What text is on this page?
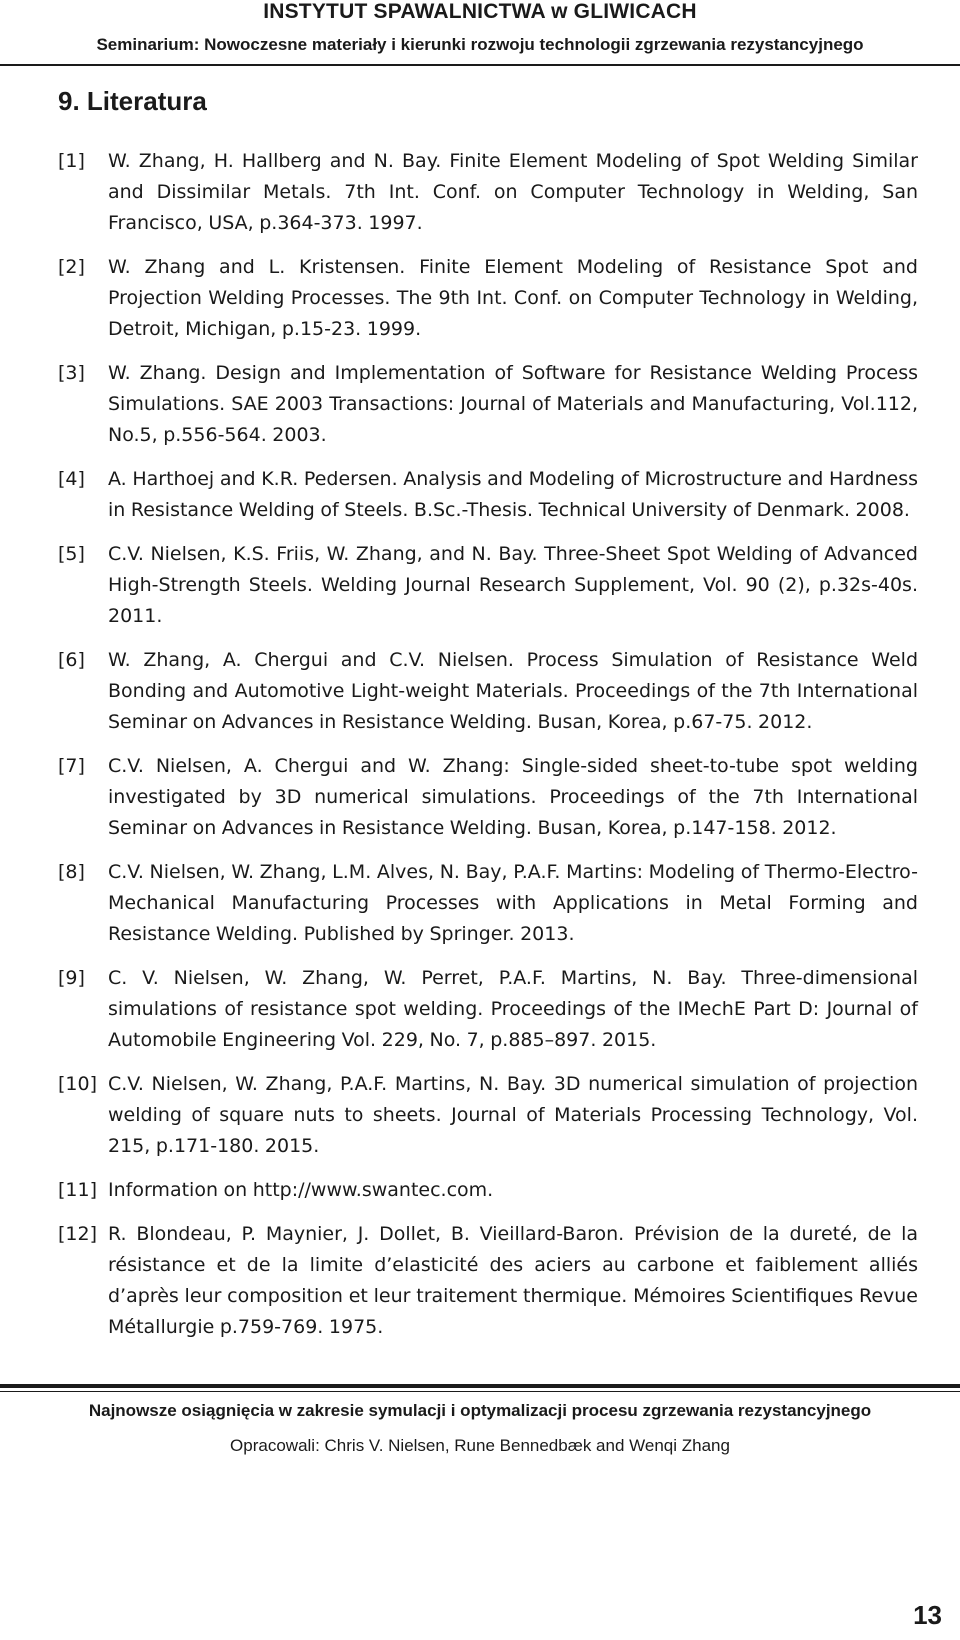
INSTYTUT SPAWALNICTWA w GLIWICACH
Seminarium: Nowoczesne materiały i kierunki rozwoju technologii zgrzewania rezystancyjnego
9. Literatura
[1]	W. Zhang, H. Hallberg and N. Bay. Finite Element Modeling of Spot Welding Similar and Dissimilar Metals. 7th Int. Conf. on Computer Technology in Welding, San Francisco, USA, p.364-373. 1997.
[2]	W. Zhang and L. Kristensen. Finite Element Modeling of Resistance Spot and Projection Welding Processes. The 9th Int. Conf. on Computer Technology in Welding, Detroit, Michigan, p.15-23. 1999.
[3]	W. Zhang. Design and Implementation of Software for Resistance Welding Process Simulations. SAE 2003 Transactions: Journal of Materials and Manufacturing, Vol.112, No.5, p.556-564. 2003.
[4]	A. Harthoej and K.R. Pedersen. Analysis and Modeling of Microstructure and Hardness in Resistance Welding of Steels. B.Sc.-Thesis. Technical University of Denmark. 2008.
[5]	C.V. Nielsen, K.S. Friis, W. Zhang, and N. Bay. Three-Sheet Spot Welding of Advanced High-Strength Steels. Welding Journal Research Supplement, Vol. 90 (2), p.32s-40s. 2011.
[6]	W. Zhang, A. Chergui and C.V. Nielsen. Process Simulation of Resistance Weld Bonding and Automotive Light-weight Materials. Proceedings of the 7th International Seminar on Advances in Resistance Welding. Busan, Korea, p.67-75. 2012.
[7]	C.V. Nielsen, A. Chergui and W. Zhang: Single-sided sheet-to-tube spot welding investigated by 3D numerical simulations. Proceedings of the 7th International Seminar on Advances in Resistance Welding. Busan, Korea, p.147-158. 2012.
[8]	C.V. Nielsen, W. Zhang, L.M. Alves, N. Bay, P.A.F. Martins: Modeling of Thermo-Electro-Mechanical Manufacturing Processes with Applications in Metal Forming and Resistance Welding. Published by Springer. 2013.
[9]	C. V. Nielsen, W. Zhang, W. Perret, P.A.F. Martins, N. Bay. Three-dimensional simulations of resistance spot welding. Proceedings of the IMechE Part D: Journal of Automobile Engineering Vol. 229, No. 7, p.885–897. 2015.
[10] C.V. Nielsen, W. Zhang, P.A.F. Martins, N. Bay. 3D numerical simulation of projection welding of square nuts to sheets. Journal of Materials Processing Technology, Vol. 215, p.171-180. 2015.
[11] Information on http://www.swantec.com.
[12] R. Blondeau, P. Maynier, J. Dollet, B. Vieillard-Baron. Prévision de la dureté, de la résistance et de la limite d’elasticité des aciers au carbone et faiblement alliés d’après leur composition et leur traitement thermique. Mémoires Scientifiques Revue Métallurgie p.759-769. 1975.
Najnowsze osiągnięcia w zakresie symulacji i optymalizacji procesu zgrzewania rezystancyjnego
Opracowali: Chris V. Nielsen, Rune Bennedbæk and Wenqi Zhang
13
